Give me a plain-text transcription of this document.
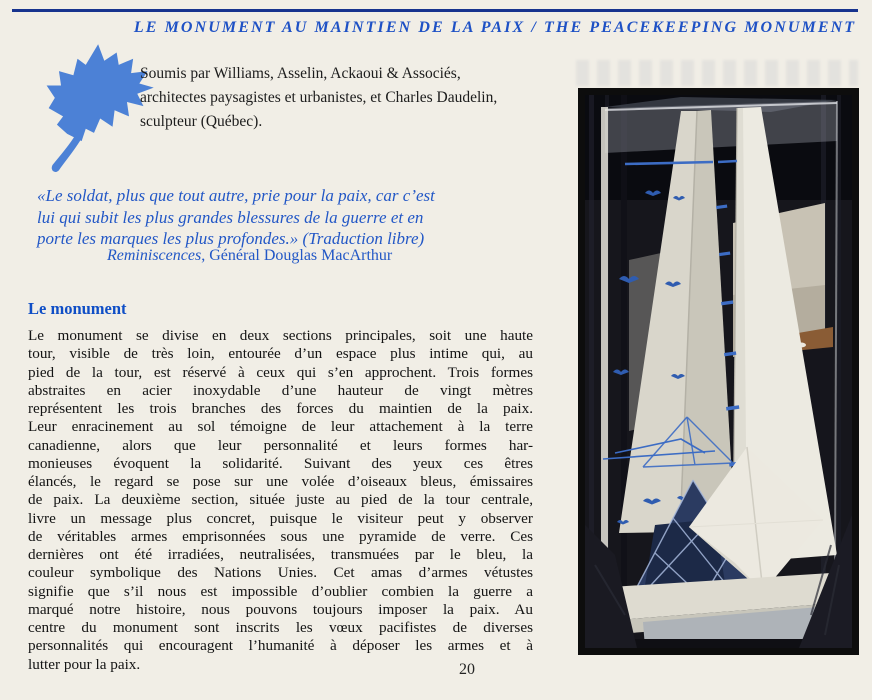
LE MONUMENT AU MAINTIEN DE LA PAIX / THE PEACEKEEPING MONUMENT
Soumis par Williams, Asselin, Ackaoui & Associés,
architectes paysagistes et urbanistes, et Charles Daudelin,
sculpteur (Québec).
«Le soldat, plus que tout autre, prie pour la paix, car c’est
lui qui subit les plus grandes blessures de la guerre et en
porte les marques les plus profondes.» (Traduction libre)
Reminiscences, Général Douglas MacArthur
Le monument
Le monument se divise en deux sections principales, soit une haute
tour, visible de très loin, entourée d’un espace plus intime qui, au
pied de la tour, est réservé à ceux qui s’en approchent. Trois formes
abstraites en acier inoxydable d’une hauteur de vingt mètres
représentent les trois branches des forces du maintien de la paix.
Leur enracinement au sol témoigne de leur attachement à la terre
canadienne, alors que leur personnalité et leurs formes har-
monieuses évoquent la solidarité. Suivant des yeux ces êtres
élancés, le regard se pose sur une volée d’oiseaux bleus, émissaires
de paix. La deuxième section, située juste au pied de la tour centrale,
livre un message plus concret, puisque le visiteur peut y observer
de véritables armes emprisonnées sous une pyramide de verre. Ces
dernières ont été irradiées, neutralisées, transmuées par le bleu, la
couleur symbolique des Nations Unies. Cet amas d’armes vétustes
signifie que s’il nous est impossible d’oublier combien la guerre a
marqué notre histoire, nous pouvons toujours imposer la paix. Au
centre du monument sont inscrits les vœux pacifistes de diverses
personnalités qui encouragent l’humanité à déposer les armes et à
lutter pour la paix.	20
